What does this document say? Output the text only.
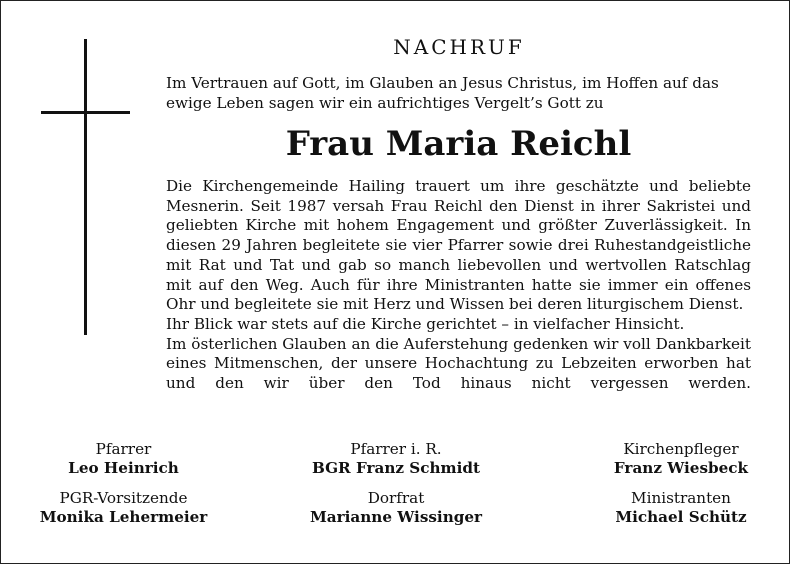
NACHRUF
Im Vertrauen auf Gott, im Glauben an Jesus Christus, im Hoffen auf das ewige Leben sagen wir ein aufrichtiges Vergelt’s Gott zu
Frau Maria Reichl

Die Kirchengemeinde Hailing trauert um ihre geschätzte und beliebte Mesnerin. Seit 1987 versah Frau Reichl den Dienst in ihrer Sakristei und geliebten Kirche mit hohem Engagement und größter Zuverlässigkeit. In diesen 29 Jahren begleitete sie vier Pfarrer sowie drei Ruhestandgeistliche mit Rat und Tat und gab so manch liebevollen und wertvollen Ratschlag mit auf den Weg. Auch für ihre Ministranten hatte sie immer ein offenes Ohr und begleitete sie mit Herz und Wissen bei deren liturgischem Dienst.

Ihr Blick war stets auf die Kirche gerichtet – in vielfacher Hinsicht.

Im österlichen Glauben an die Auferstehung gedenken wir voll Dankbarkeit eines Mitmenschen, der unsere Hochachtung zu Lebzeiten erworben hat und den wir über den Tod hinaus nicht vergessen werden.

Pfarrer
Leo Heinrich
Pfarrer i. R.
BGR Franz Schmidt
Kirchenpfleger
Franz Wiesbeck
PGR-Vorsitzende
Monika Lehermeier
Dorfrat
Marianne Wissinger
Ministranten
Michael Schütz
